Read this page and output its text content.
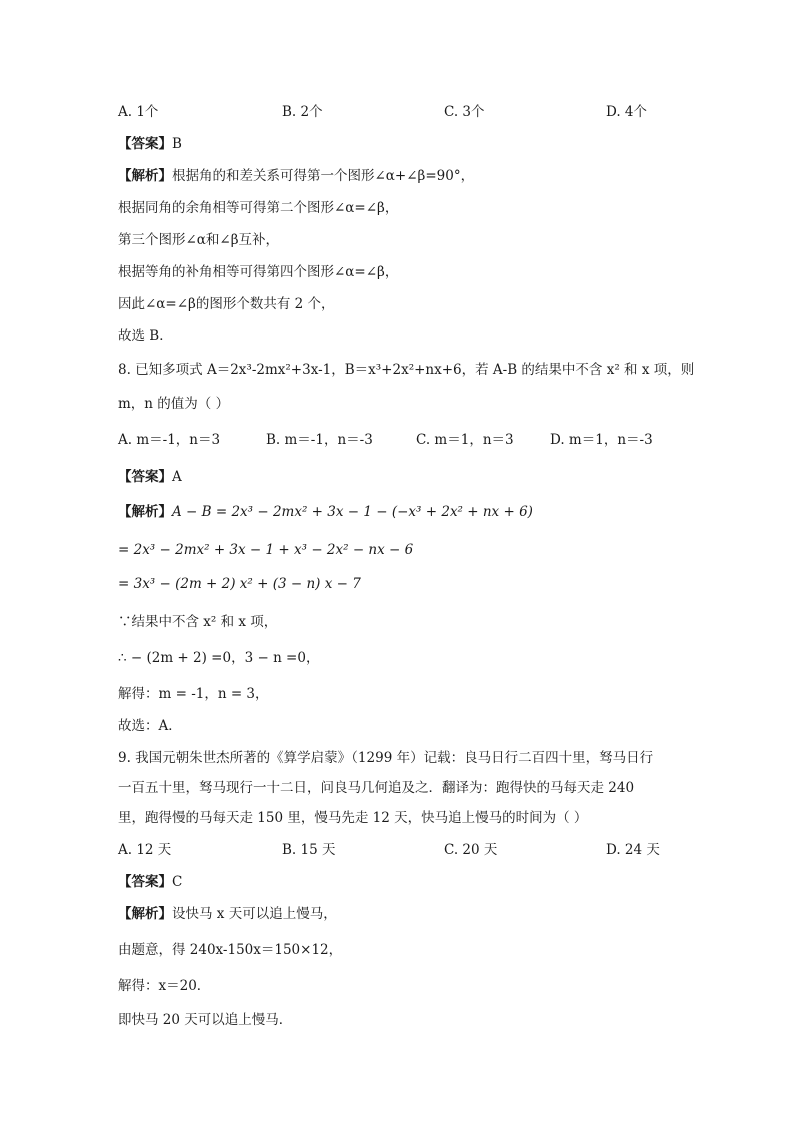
A. 1个	B. 2个	C. 3个	D. 4个
【答案】B
【解析】根据角的和差关系可得第一个图形∠α+∠β=90°，
根据同角的余角相等可得第二个图形∠α=∠β，
第三个图形∠α和∠β互补，
根据等角的补角相等可得第四个图形∠α=∠β，
因此∠α=∠β的图形个数共有 2 个，
故选 B．
8. 已知多项式 A＝2x³-2mx²+3x-1，B＝x³+2x²+nx+6，若 A-B 的结果中不含 x² 和 x 项，则
m，n 的值为（ ）
A. m＝-1，n＝3	B. m＝-1，n＝-3	C. m＝1，n＝3	D. m＝1，n＝-3
【答案】A
【解析】A − B = 2x³ − 2mx² + 3x − 1 − (−x³ + 2x² + nx + 6)
= 2x³ − 2mx² + 3x − 1 + x³ − 2x² − nx − 6
= 3x³ − (2m + 2) x² + (3 − n) x − 7
∵结果中不含 x² 和 x 项，
∴ − (2m + 2) =0，3 − n =0，
解得：m = -1，n = 3，
故选：A．
9. 我国元朝朱世杰所著的《算学启蒙》（1299 年）记载：良马日行二百四十里，驽马日行
一百五十里，驽马现行一十二日，问良马几何追及之．翻译为：跑得快的马每天走 240
里，跑得慢的马每天走 150 里，慢马先走 12 天，快马追上慢马的时间为（ ）
A. 12 天	B. 15 天	C. 20 天	D. 24 天
【答案】C
【解析】设快马 x 天可以追上慢马，
由题意，得 240x-150x＝150×12，
解得：x＝20．
即快马 20 天可以追上慢马．
